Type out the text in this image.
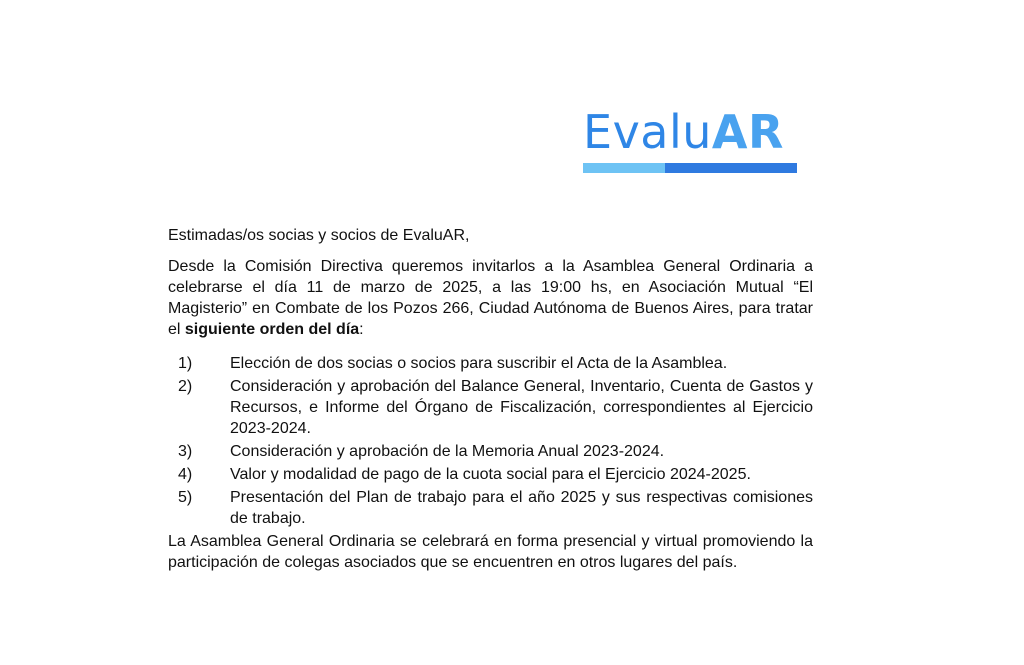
EvaluAR

Estimadas/os socias y socios de EvaluAR,

Desde la Comisión Directiva queremos invitarlos a la Asamblea General Ordinaria a celebrarse el día 11 de marzo de 2025, a las 19:00 hs, en Asociación Mutual “El Magisterio” en Combate de los Pozos 266, Ciudad Autónoma de Buenos Aires, para tratar el siguiente orden del día:

1)	Elección de dos socias o socios para suscribir el Acta de la Asamblea.
2)	Consideración y aprobación del Balance General, Inventario, Cuenta de Gastos y Recursos, e Informe del Órgano de Fiscalización, correspondientes al Ejercicio 2023-2024.
3)	Consideración y aprobación de la Memoria Anual 2023-2024.
4)	Valor y modalidad de pago de la cuota social para el Ejercicio 2024-2025.
5)	Presentación del Plan de trabajo para el año 2025 y sus respectivas comisiones de trabajo.

La Asamblea General Ordinaria se celebrará en forma presencial y virtual promoviendo la participación de colegas asociados que se encuentren en otros lugares del país.
